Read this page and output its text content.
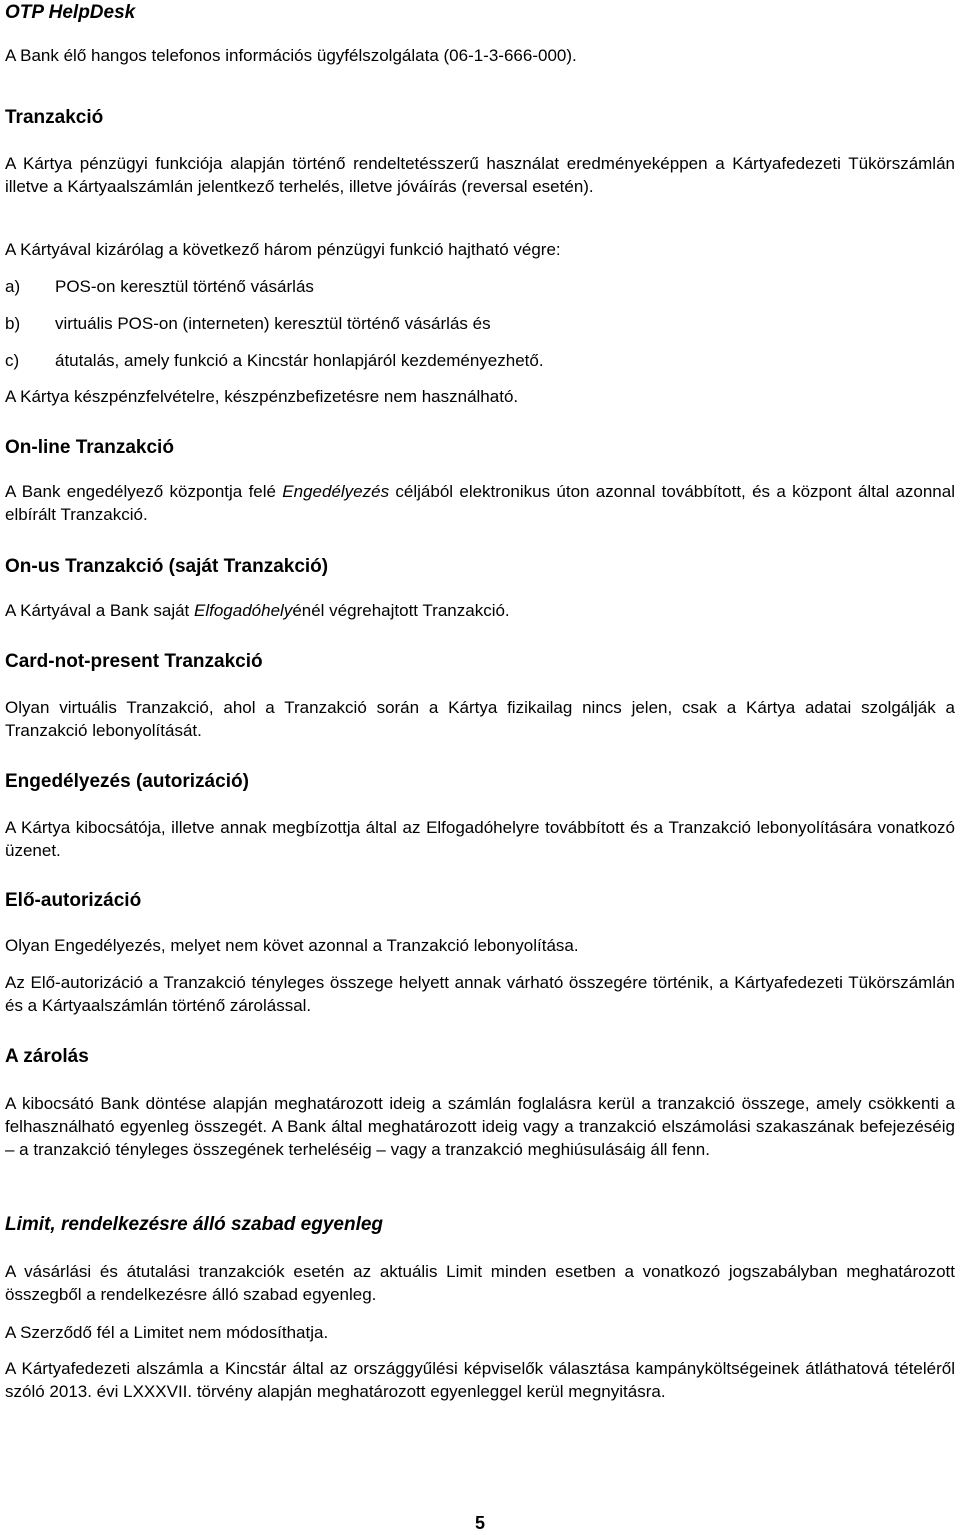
OTP HelpDesk
A Bank élő hangos telefonos információs ügyfélszolgálata (06-1-3-666-000).
Tranzakció
A Kártya pénzügyi funkciója alapján történő rendeltetésszerű használat eredményeképpen a Kártyafedezeti Tükörszámlán illetve a Kártyaalszámlán jelentkező terhelés, illetve jóváírás (reversal esetén).
A Kártyával kizárólag a következő három pénzügyi funkció hajtható végre:
a) POS-on keresztül történő vásárlás
b) virtuális POS-on (interneten) keresztül történő vásárlás és
c) átutalás, amely funkció a Kincstár honlapjáról kezdeményezhető.
A Kártya készpénzfelvételre, készpénzbefizetésre nem használható.
On-line Tranzakció
A Bank engedélyező központja felé Engedélyezés céljából elektronikus úton azonnal továbbított, és a központ által azonnal elbírált Tranzakció.
On-us Tranzakció (saját Tranzakció)
A Kártyával a Bank saját Elfogadóhelyénél végrehajtott Tranzakció.
Card-not-present Tranzakció
Olyan virtuális Tranzakció, ahol a Tranzakció során a Kártya fizikailag nincs jelen, csak a Kártya adatai szolgálják a Tranzakció lebonyolítását.
Engedélyezés (autorizáció)
A Kártya kibocsátója, illetve annak megbízottja által az Elfogadóhelyre továbbított és a Tranzakció lebonyolítására vonatkozó üzenet.
Elő-autorizáció
Olyan Engedélyezés, melyet nem követ azonnal a Tranzakció lebonyolítása.
Az Elő-autorizáció a Tranzakció tényleges összege helyett annak várható összegére történik, a Kártyafedezeti Tükörszámlán és a Kártyaalszámlán történő zárolással.
A zárolás
A kibocsátó Bank döntése alapján meghatározott ideig a számlán foglalásra kerül a tranzakció összege, amely csökkenti a felhasználható egyenleg összegét. A Bank által meghatározott ideig vagy a tranzakció elszámolási szakaszának befejezéséig – a tranzakció tényleges összegének terheléséig – vagy a tranzakció meghiúsulásáig áll fenn.
Limit, rendelkezésre álló szabad egyenleg
A vásárlási és átutalási tranzakciók esetén az aktuális Limit minden esetben a vonatkozó jogszabályban meghatározott összegből a rendelkezésre álló szabad egyenleg.
A Szerződő fél a Limitet nem módosíthatja.
A Kártyafedezeti alszámla a Kincstár által az országgyűlési képviselők választása kampányköltségeinek átláthatová tételéről szóló 2013. évi LXXXVII. törvény alapján meghatározott egyenleggel kerül megnyitásra.
5
